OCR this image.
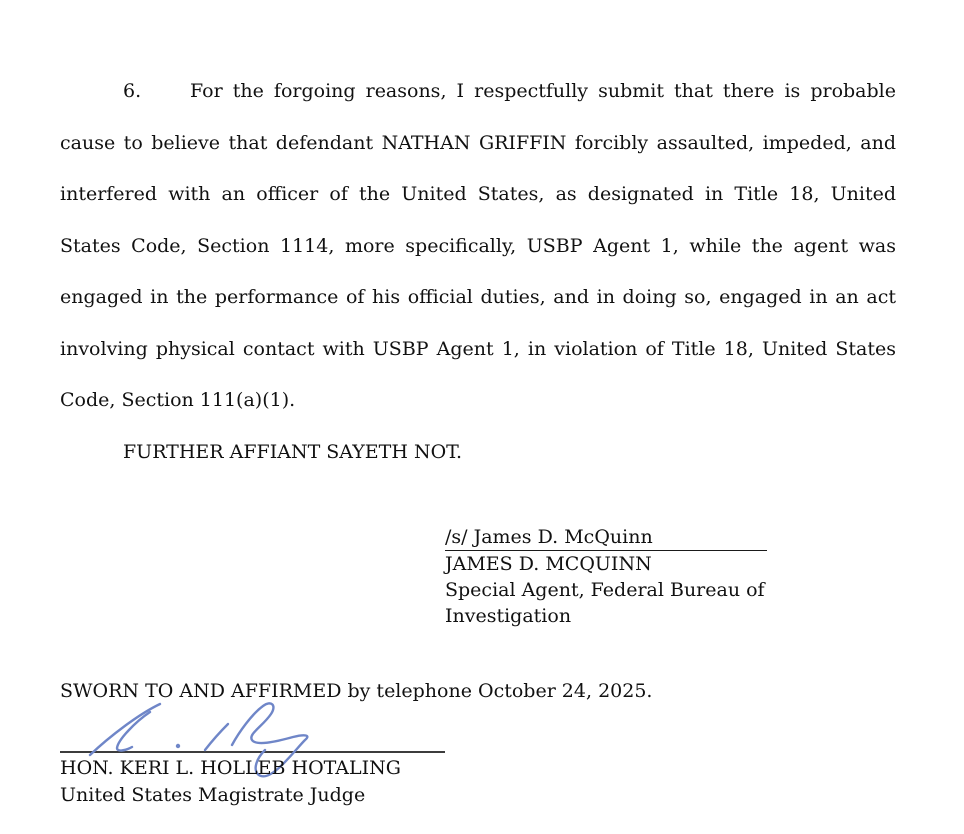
6.	For the forgoing reasons, I respectfully submit that there is probable
cause to believe that defendant NATHAN GRIFFIN forcibly assaulted, impeded, and
interfered with an officer of the United States, as designated in Title 18, United
States Code, Section 1114, more specifically, USBP Agent 1, while the agent was
engaged in the performance of his official duties, and in doing so, engaged in an act
involving physical contact with USBP Agent 1, in violation of Title 18, United States
Code, Section 111(a)(1).
FURTHER AFFIANT SAYETH NOT.
/s/ James D. McQuinn
JAMES D. MCQUINN
Special Agent, Federal Bureau of
Investigation
SWORN TO AND AFFIRMED by telephone October 24, 2025.
HON. KERI L. HOLLEB HOTALING
United States Magistrate Judge
